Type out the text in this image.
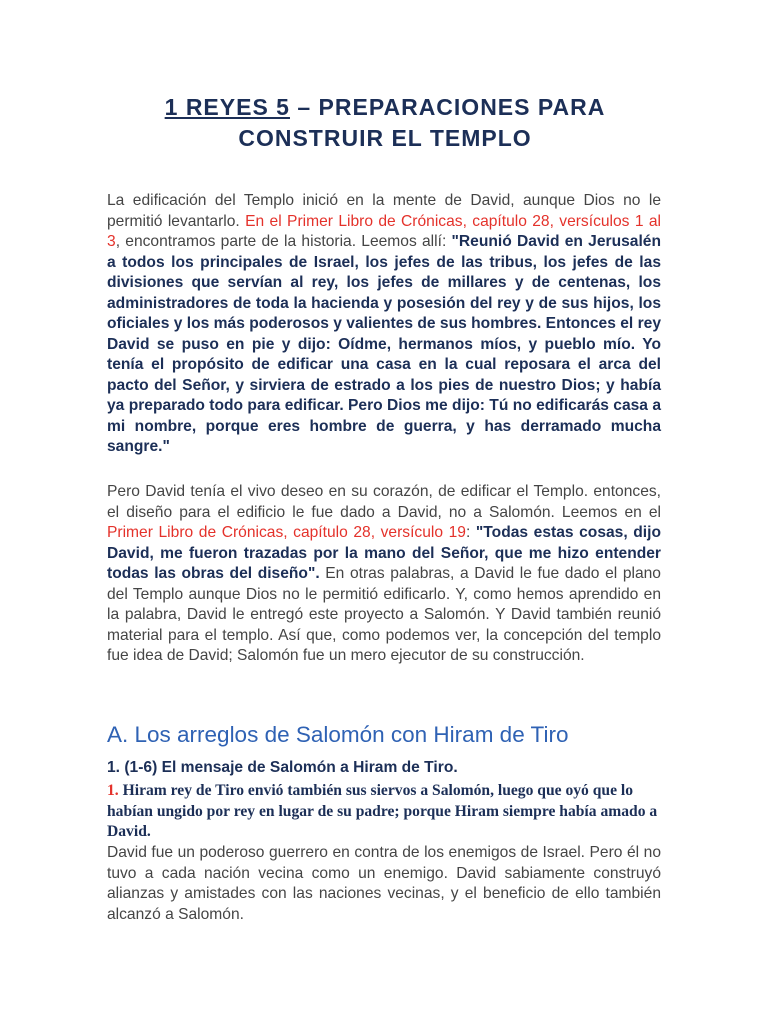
1 REYES 5 – PREPARACIONES PARA
CONSTRUIR EL TEMPLO
La edificación del Templo inició en la mente de David, aunque Dios no le permitió levantarlo. En el Primer Libro de Crónicas, capítulo 28, versículos 1 al 3, encontramos parte de la historia. Leemos allí: "Reunió David en Jerusalén a todos los principales de Israel, los jefes de las tribus, los jefes de las divisiones que servían al rey, los jefes de millares y de centenas, los administradores de toda la hacienda y posesión del rey y de sus hijos, los oficiales y los más poderosos y valientes de sus hombres. Entonces el rey David se puso en pie y dijo: Oídme, hermanos míos, y pueblo mío. Yo tenía el propósito de edificar una casa en la cual reposara el arca del pacto del Señor, y sirviera de estrado a los pies de nuestro Dios; y había ya preparado todo para edificar. Pero Dios me dijo: Tú no edificarás casa a mi nombre, porque eres hombre de guerra, y has derramado mucha sangre."
Pero David tenía el vivo deseo en su corazón, de edificar el Templo. entonces, el diseño para el edificio le fue dado a David, no a Salomón. Leemos en el Primer Libro de Crónicas, capítulo 28, versículo 19: "Todas estas cosas, dijo David, me fueron trazadas por la mano del Señor, que me hizo entender todas las obras del diseño". En otras palabras, a David le fue dado el plano del Templo aunque Dios no le permitió edificarlo. Y, como hemos aprendido en la palabra, David le entregó este proyecto a Salomón. Y David también reunió material para el templo. Así que, como podemos ver, la concepción del templo fue idea de David; Salomón fue un mero ejecutor de su construcción.
A. Los arreglos de Salomón con Hiram de Tiro
1. (1-6) El mensaje de Salomón a Hiram de Tiro.
1. Hiram rey de Tiro envió también sus siervos a Salomón, luego que oyó que lo habían ungido por rey en lugar de su padre; porque Hiram siempre había amado a David.
David fue un poderoso guerrero en contra de los enemigos de Israel. Pero él no tuvo a cada nación vecina como un enemigo. David sabiamente construyó alianzas y amistades con las naciones vecinas, y el beneficio de ello también alcanzó a Salomón.
